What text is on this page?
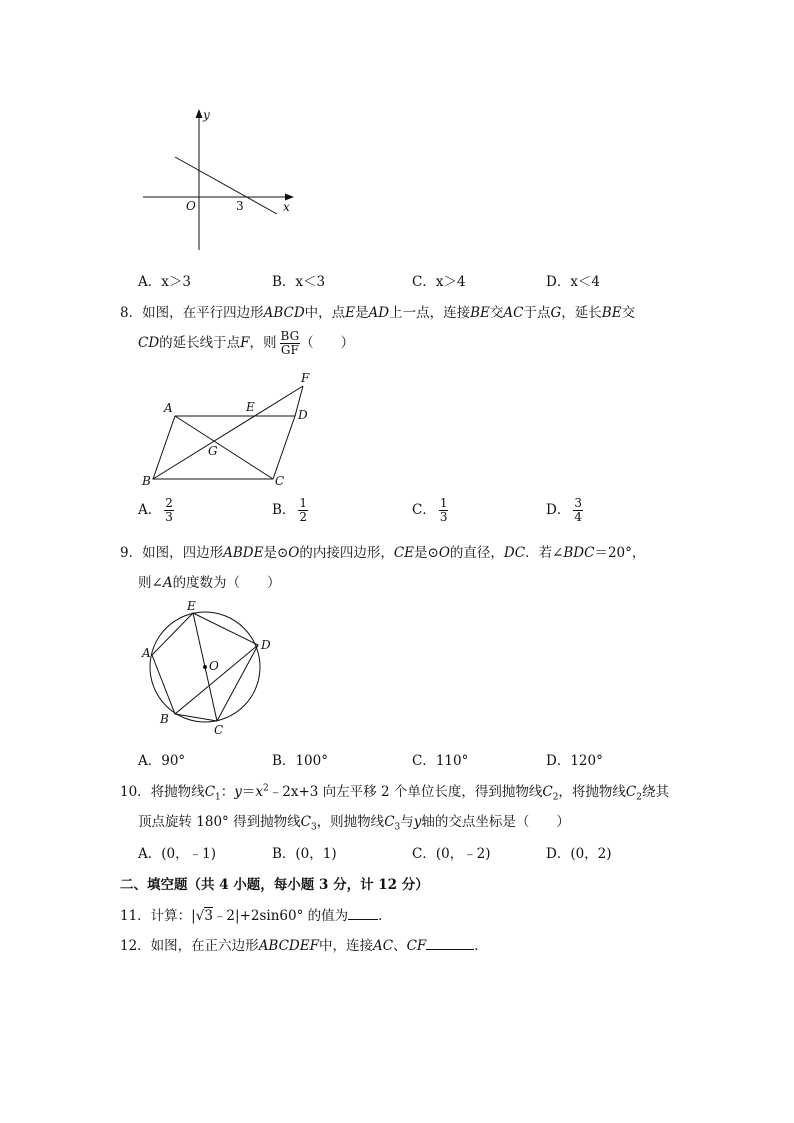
y
x
O	3
A．x＞3	B．x＜3	C．x＞4	D．x＜4
8．如图，在平行四边形ABCD中，点E是AD上一点，连接BE交AC于点G，延长BE交
CD的延长线于点F，则 $\frac{BG}{GF}$ （　　）
A	E
D
F
G
B	C
A． $\frac{2}{3}$	B． $\frac{1}{2}$	C． $\frac{1}{3}$	D． $\frac{3}{4}$
9．如图，四边形ABDE是⊙O的内接四边形，CE是⊙O的直径，DC．若∠BDC＝20°，
则∠A的度数为（　　）
E
D
A
O
B
C
A．90°	B．100°	C．110°	D．120°
10．将抛物线$C_1$：$y=x^2﹣2x+3$ 向左平移 2 个单位长度，得到抛物线$C_2$，将抛物线$C_2$绕其
顶点旋转 180° 得到抛物线$C_3$，则抛物线$C_3$与y轴的交点坐标是（　　）
A．(0，﹣1)	B．(0，1)	C．(0，﹣2)	D．(0，2)
二、填空题（共 4 小题，每小题 3 分，计 12 分）
11．计算：|√3﹣2|+2sin60° 的值为 ．
12．如图，在正六边形ABCDEF中，连接AC、CF	．
